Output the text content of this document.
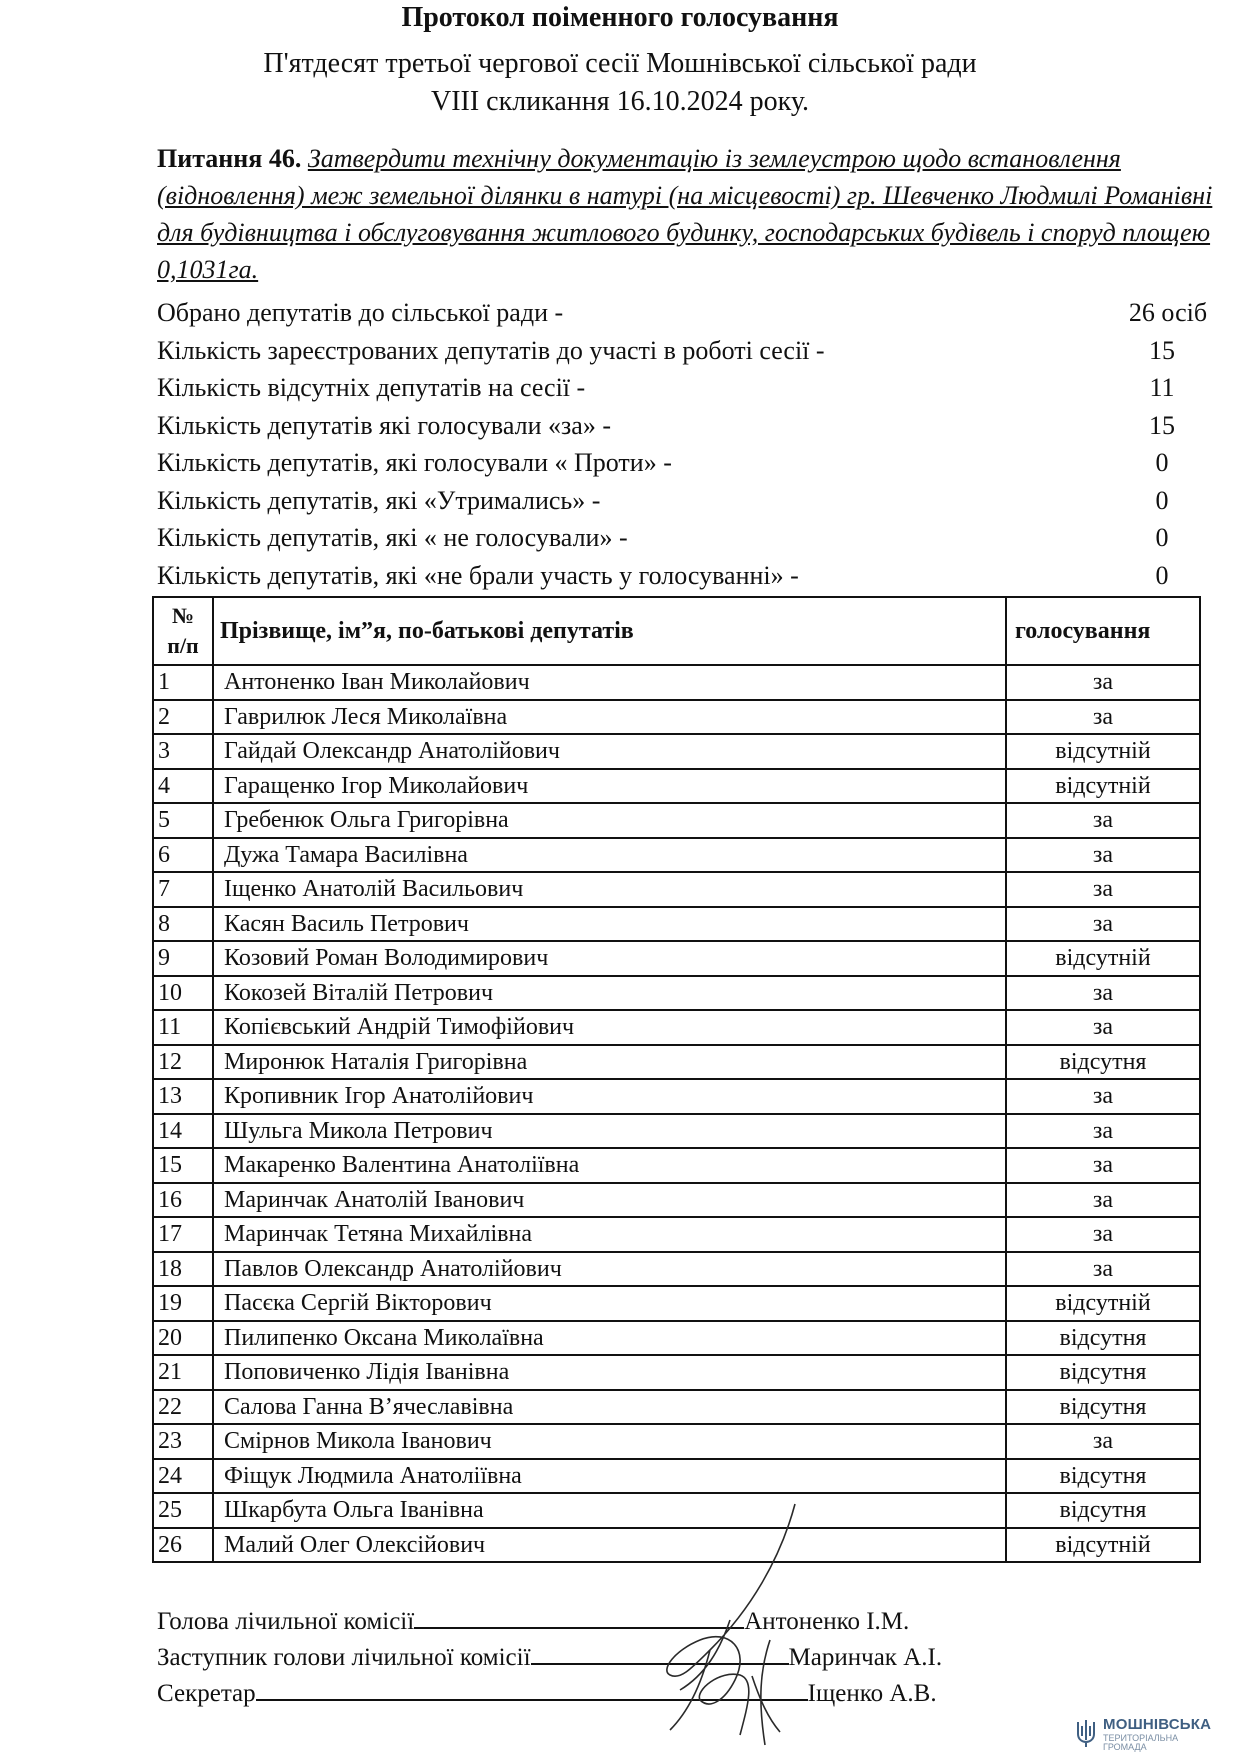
Протокол поіменного голосування
П'ятдесят третьої чергової сесії Мошнівської сільської ради
VIII скликання 16.10.2024 року.
Питання 46. Затвердити технічну документацію із землеустрою щодо встановлення (відновлення) меж земельної ділянки в натурі (на місцевості) гр. Шевченко Людмилі Романівні для будівництва і обслуговування житлового будинку, господарських будівель і споруд площею 0,1031га.
Обрано депутатів до сільської ради -	26 осіб
Кількість зареєстрованих депутатів до участі в роботі сесії -	15
Кількість відсутніх депутатів на сесії -	11
Кількість депутатів які голосували «за» -	15
Кількість депутатів, які голосували « Проти» -	0
Кількість депутатів, які «Утримались» -	0
Кількість депутатів, які « не голосували» -	0
Кількість депутатів, які «не брали участь у голосуванні» -	0
№
п/п	Прізвище, ім”я, по-батькові депутатів	голосування
1	Антоненко Іван Миколайович	за
2	Гаврилюк Леся Миколаївна	за
3	Гайдай Олександр Анатолійович	відсутній
4	Гаращенко Ігор Миколайович	відсутній
5	Гребенюк Ольга Григорівна	за
6	Дужа Тамара Василівна	за
7	Іщенко Анатолій Васильович	за
8	Касян Василь Петрович	за
9	Козовий Роман Володимирович	відсутній
10	Кокозей Віталій Петрович	за
11	Копієвський Андрій Тимофійович	за
12	Миронюк Наталія Григорівна	відсутня
13	Кропивник Ігор Анатолійович	за
14	Шульга Микола Петрович	за
15	Макаренко Валентина Анатоліївна	за
16	Маринчак Анатолій Іванович	за
17	Маринчак Тетяна Михайлівна	за
18	Павлов Олександр Анатолійович	за
19	Пасєка Сергій Вікторович	відсутній
20	Пилипенко Оксана Миколаївна	відсутня
21	Поповиченко Лідія Іванівна	відсутня
22	Салова Ганна В’ячеславівна	відсутня
23	Смірнов Микола Іванович	за
24	Фіщук Людмила Анатоліївна	відсутня
25	Шкарбута Ольга Іванівна	відсутня
26	Малий Олег Олексійович	відсутній
Голова лічильної комісії	Антоненко І.М.
Заступник голови лічильної комісії	Маринчак А.І.
Секретар	Іщенко А.В.
МОШНІВСЬКА
ТЕРИТОРІАЛЬНА
ГРОМАДА
